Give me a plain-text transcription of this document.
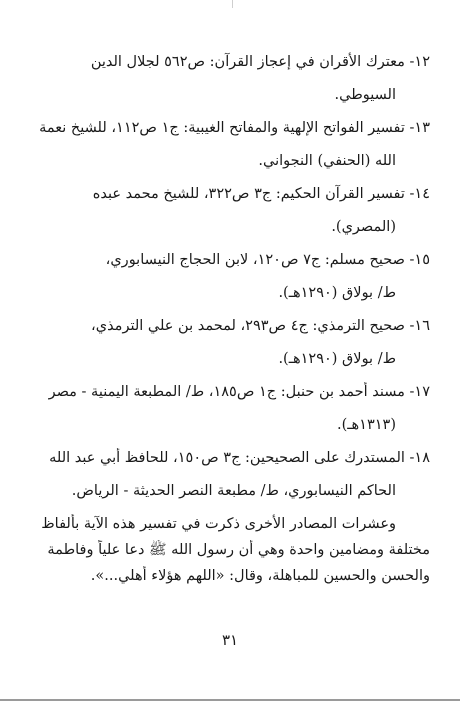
١٢- معترك الأقران في إعجاز القرآن: ص٥٦٢ لجلال الدين
السيوطي.
١٣- تفسير الفواتح الإلهية والمفاتح الغيبية: ج١ ص١١٢، للشيخ نعمة
الله (الحنفي) النجواني.
١٤- تفسير القرآن الحكيم: ج٣ ص٣٢٢، للشيخ محمد عبده
(المصري).
١٥- صحيح مسلم: ج٧ ص١٢٠، لابن الحجاج النيسابوري،
ط/ بولاق (١٢٩٠هـ).
١٦- صحيح الترمذي: ج٤ ص٢٩٣، لمحمد بن علي الترمذي،
ط/ بولاق (١٢٩٠هـ).
١٧- مسند أحمد بن حنبل: ج١ ص١٨٥، ط/ المطبعة اليمنية - مصر
(١٣١٣هـ).
١٨- المستدرك على الصحيحين: ج٣ ص١٥٠، للحافظ أبي عبد الله
الحاكم النيسابوري، ط/ مطبعة النصر الحديثة - الرياض.
وعشرات المصادر الأخرى ذكرت في تفسير هذه الآية بألفاظ
مختلفة ومضامين واحدة وهي أن رسول الله ﷺ دعا علياً وفاطمة
والحسن والحسين للمباهلة، وقال: «اللهم هؤلاء أهلي...».
٣١
